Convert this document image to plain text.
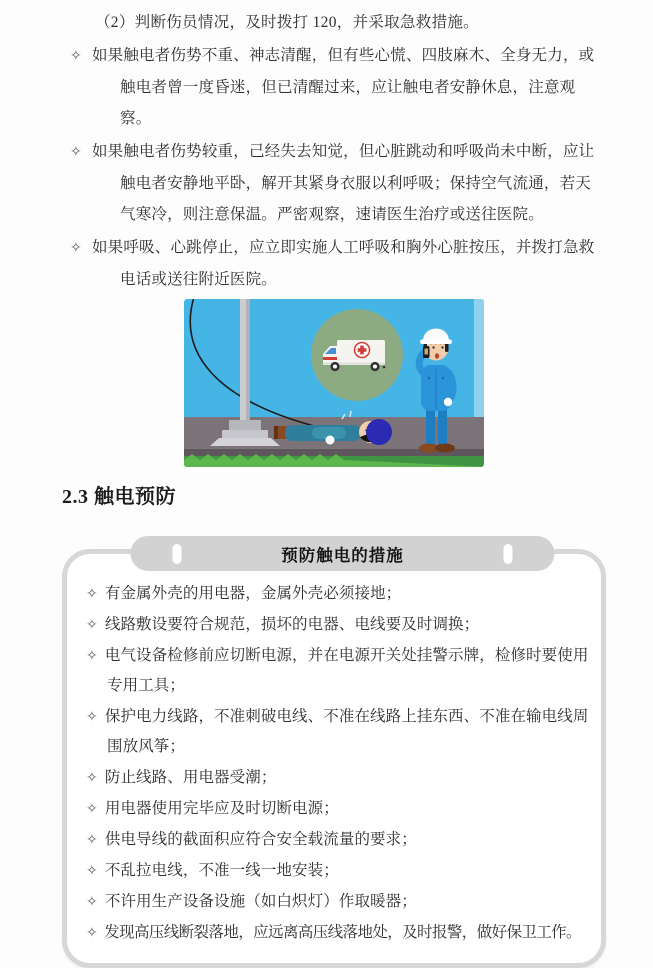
（2）判断伤员情况，及时拨打 120，并采取急救措施。

✧ 如果触电者伤势不重、神志清醒，但有些心慌、四肢麻木、全身无力，或触电者曾一度昏迷，但已清醒过来，应让触电者安静休息，注意观察。
✧ 如果触电者伤势较重，己经失去知觉，但心脏跳动和呼吸尚未中断，应让触电者安静地平卧，解开其紧身衣服以利呼吸；保持空气流通，若天气寒冷，则注意保温。严密观察，速请医生治疗或送往医院。
✧ 如果呼吸、心跳停止，应立即实施人工呼吸和胸外心脏按压，并拨打急救电话或送往附近医院。
2.3 触电预防
预防触电的措施
✧ 有金属外壳的用电器，金属外壳必须接地；
✧ 线路敷设要符合规范，损坏的电器、电线要及时调换；
✧ 电气设备检修前应切断电源，并在电源开关处挂警示牌，检修时要使用专用工具；
✧ 保护电力线路，不准刺破电线、不准在线路上挂东西、不准在输电线周围放风筝；
✧ 防止线路、用电器受潮；
✧ 用电器使用完毕应及时切断电源；
✧ 供电导线的截面积应符合安全载流量的要求；
✧ 不乱拉电线，不准一线一地安装；
✧ 不许用生产设备设施（如白炽灯）作取暖器；
✧ 发现高压线断裂落地，应远离高压线落地处，及时报警，做好保卫工作。
